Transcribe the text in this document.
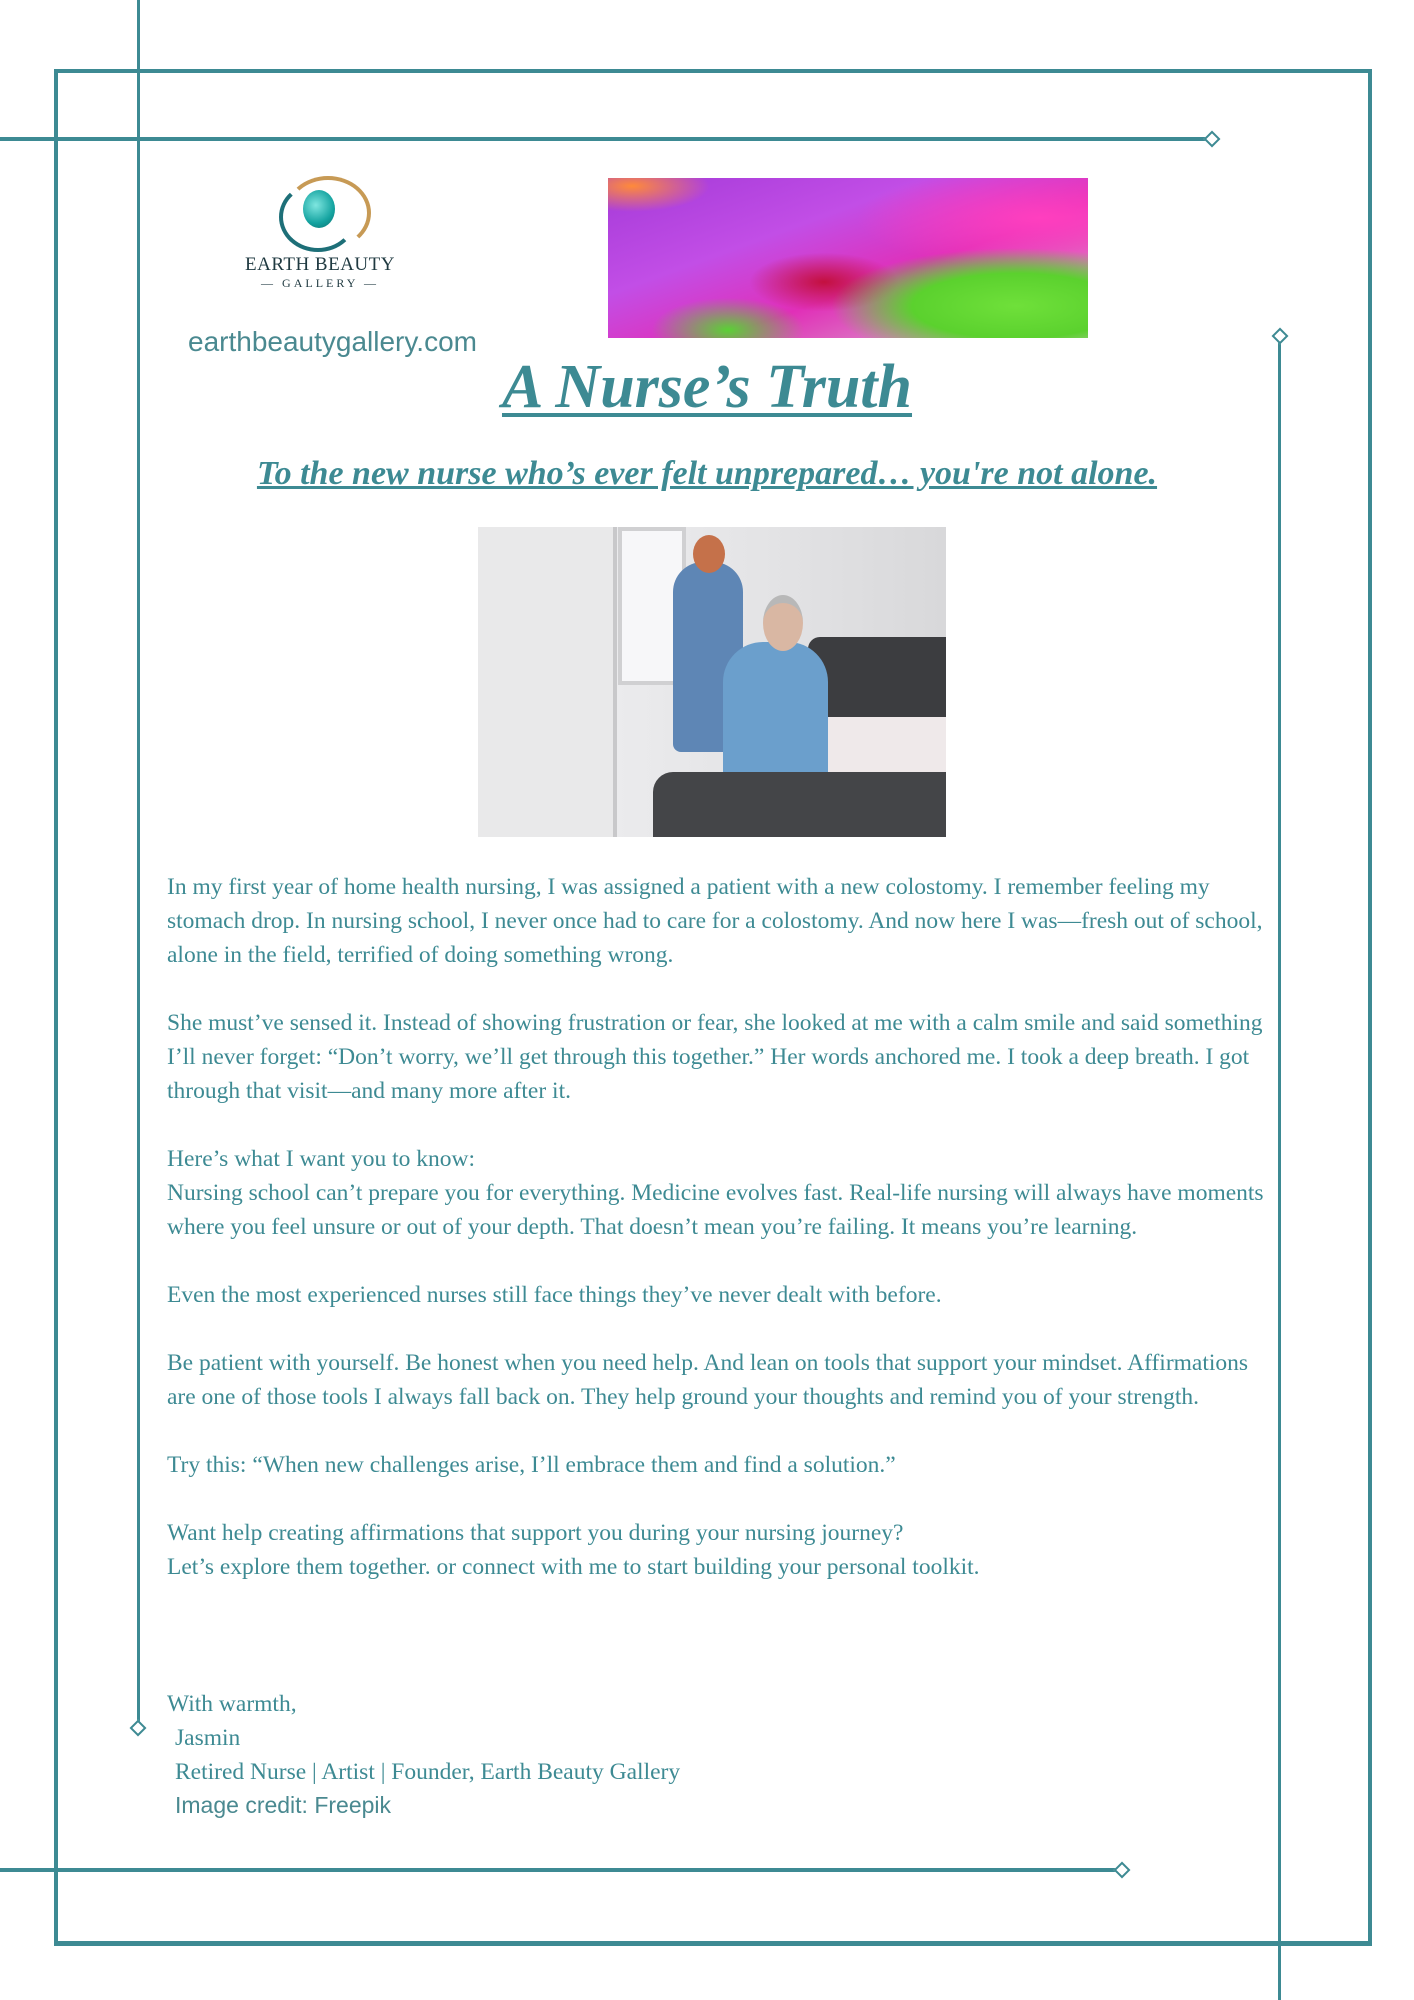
EARTH BEAUTY
— GALLERY —
earthbeautygallery.com
A Nurse’s Truth
To the new nurse who’s ever felt unprepared… you're not alone.

In my first year of home health nursing, I was assigned a patient with a new colostomy. I remember feeling my stomach drop. In nursing school, I never once had to care for a colostomy. And now here I was—fresh out of school, alone in the field, terrified of doing something wrong.

She must’ve sensed it. Instead of showing frustration or fear, she looked at me with a calm smile and said something I’ll never forget: “Don’t worry, we’ll get through this together.” Her words anchored me. I took a deep breath. I got through that visit—and many more after it.

Here’s what I want you to know:
Nursing school can’t prepare you for everything. Medicine evolves fast. Real-life nursing will always have moments where you feel unsure or out of your depth. That doesn’t mean you’re failing. It means you’re learning.

Even the most experienced nurses still face things they’ve never dealt with before.

Be patient with yourself. Be honest when you need help. And lean on tools that support your mindset. Affirmations are one of those tools I always fall back on. They help ground your thoughts and remind you of your strength.

Try this: “When new challenges arise, I’ll embrace them and find a solution.”

Want help creating affirmations that support you during your nursing journey?
Let’s explore them together. or connect with me to start building your personal toolkit.

With warmth,
Jasmin
Retired Nurse | Artist | Founder, Earth Beauty Gallery
Image credit: Freepik
